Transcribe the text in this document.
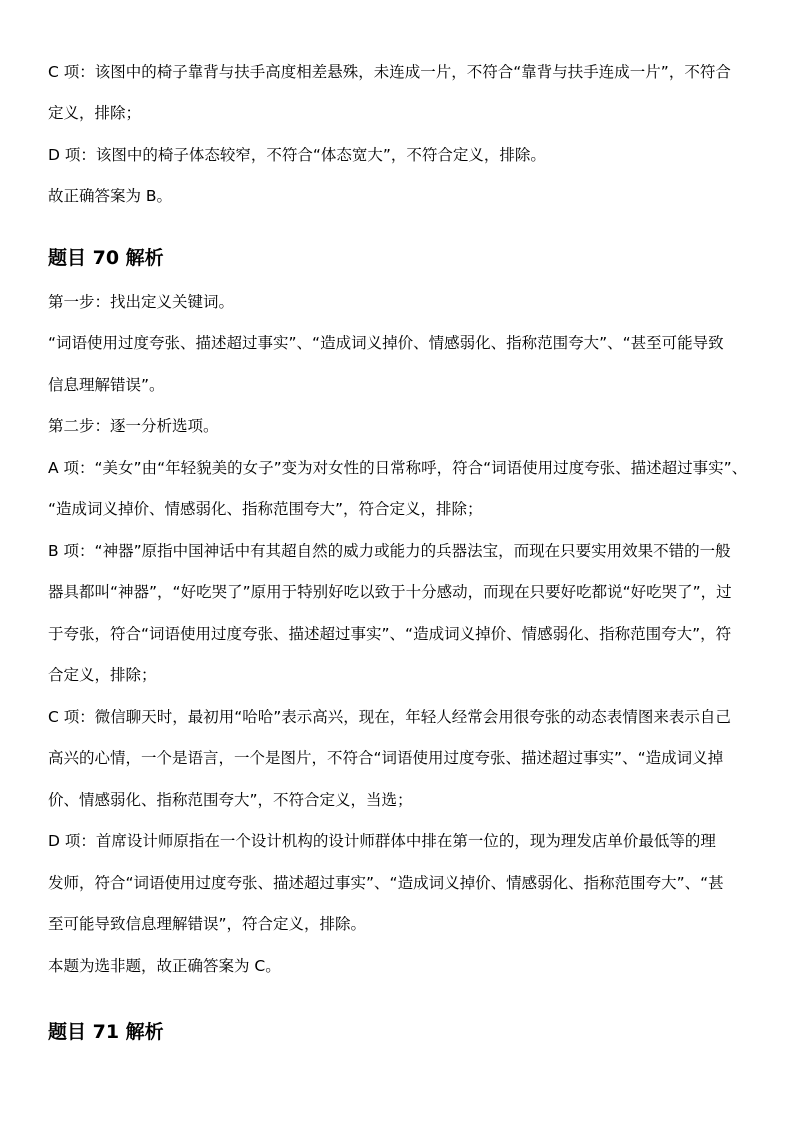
C 项：该图中的椅子靠背与扶手高度相差悬殊，未连成一片，不符合“靠背与扶手连成一片”，不符合
定义，排除；
D 项：该图中的椅子体态较窄，不符合“体态宽大”，不符合定义，排除。
故正确答案为 B。
题目 70 解析
第一步：找出定义关键词。
“词语使用过度夸张、描述超过事实”、“造成词义掉价、情感弱化、指称范围夸大”、“甚至可能导致
信息理解错误”。
第二步：逐一分析选项。
A 项：“美女”由“年轻貌美的女子”变为对女性的日常称呼，符合“词语使用过度夸张、描述超过事实”、
“造成词义掉价、情感弱化、指称范围夸大”，符合定义，排除；
B 项：“神器”原指中国神话中有其超自然的威力或能力的兵器法宝，而现在只要实用效果不错的一般
器具都叫“神器”，“好吃哭了”原用于特别好吃以致于十分感动，而现在只要好吃都说“好吃哭了”，过
于夸张，符合“词语使用过度夸张、描述超过事实”、“造成词义掉价、情感弱化、指称范围夸大”，符
合定义，排除；
C 项：微信聊天时，最初用“哈哈”表示高兴，现在，年轻人经常会用很夸张的动态表情图来表示自己
高兴的心情，一个是语言，一个是图片，不符合“词语使用过度夸张、描述超过事实”、“造成词义掉
价、情感弱化、指称范围夸大”，不符合定义，当选；
D 项：首席设计师原指在一个设计机构的设计师群体中排在第一位的，现为理发店单价最低等的理
发师，符合“词语使用过度夸张、描述超过事实”、“造成词义掉价、情感弱化、指称范围夸大”、“甚
至可能导致信息理解错误”，符合定义，排除。
本题为选非题，故正确答案为 C。
题目 71 解析
